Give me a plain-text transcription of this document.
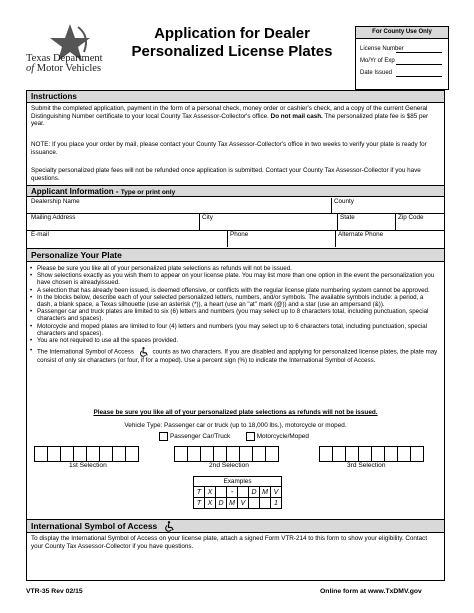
Texas Department
of Motor Vehicles
Application for Dealer
Personalized License Plates
For County Use Only
License Number
Mo/Yr of Exp
Date Issued
Instructions
Submit the completed application, payment in the form of a personal check, money order or cashier's check, and a copy of the current General Distinguishing Number certificate to your local County Tax Assessor-Collector's office. Do not mail cash. The personalized plate fee is $85 per year.
NOTE: If you place your order by mail, please contact your County Tax Assessor-Collector's office in two weeks to verify your plate is ready for issuance.
Specialty personalized plate fees will not be refunded once application is submitted. Contact your County Tax Assessor-Collector if you have questions.
Applicant Information - Type or print only
Dealership Name	County
Mailing Address	City	State	Zip Code
E-mail	Phone	Alternate Phone
Personalize Your Plate
• Please be sure you like all of your personalized plate selections as refunds will not be issued.
• Show selections exactly as you wish them to appear on your license plate. You may list more than one option in the event the personalization you have chosen is alreadyissued.
• A selection that has already been issued, is deemed offensive, or conflicts with the regular license plate numbering system cannot be approved.
• In the blocks below, describe each of your selected personalized letters, numbers, and/or symbols. The available symbols include: a period, a dash, a blank space, a Texas silhouette (use an asterisk (*)), a heart (use an "at" mark (@)) and a star (use an ampersand (&)).
• Passenger car and truck plates are limited to six (6) letters and numbers (you may select up to 8 characters total, including punctuation, special characters and spaces).
• Motorcycle and moped plates are limited to four (4) letters and numbers (you may select up to 6 characters total, including punctuation, special characters and spaces).
• You are not required to use all the spaces provided.
• The International Symbol of Access	counts as two characters. If you are disabled and applying for personalized license plates, the plate may consist of only six characters (or four, if for a moped). Use a percent sign (%) to indicate the International Symbol of Access.
Please be sure you like all of your personalized plate selections as refunds will not be issued.
Vehicle Type: Passenger car or truck (up to 18,000 lbs.), motorcycle or moped.
Passenger Car/Truck	Motorcycle/Moped
1st Selection	2nd Selection	3rd Selection
Examples							
T	X		-		D	M	V
T	X	D	M	V			1
International Symbol of Access
To display the International Symbol of Access on your license plate, attach a signed Form VTR-214 to this form to show your eligibility. Contact your County Tax Assessor-Collector if you have questions.
VTR-35 Rev 02/15	Online form at www.TxDMV.gov
